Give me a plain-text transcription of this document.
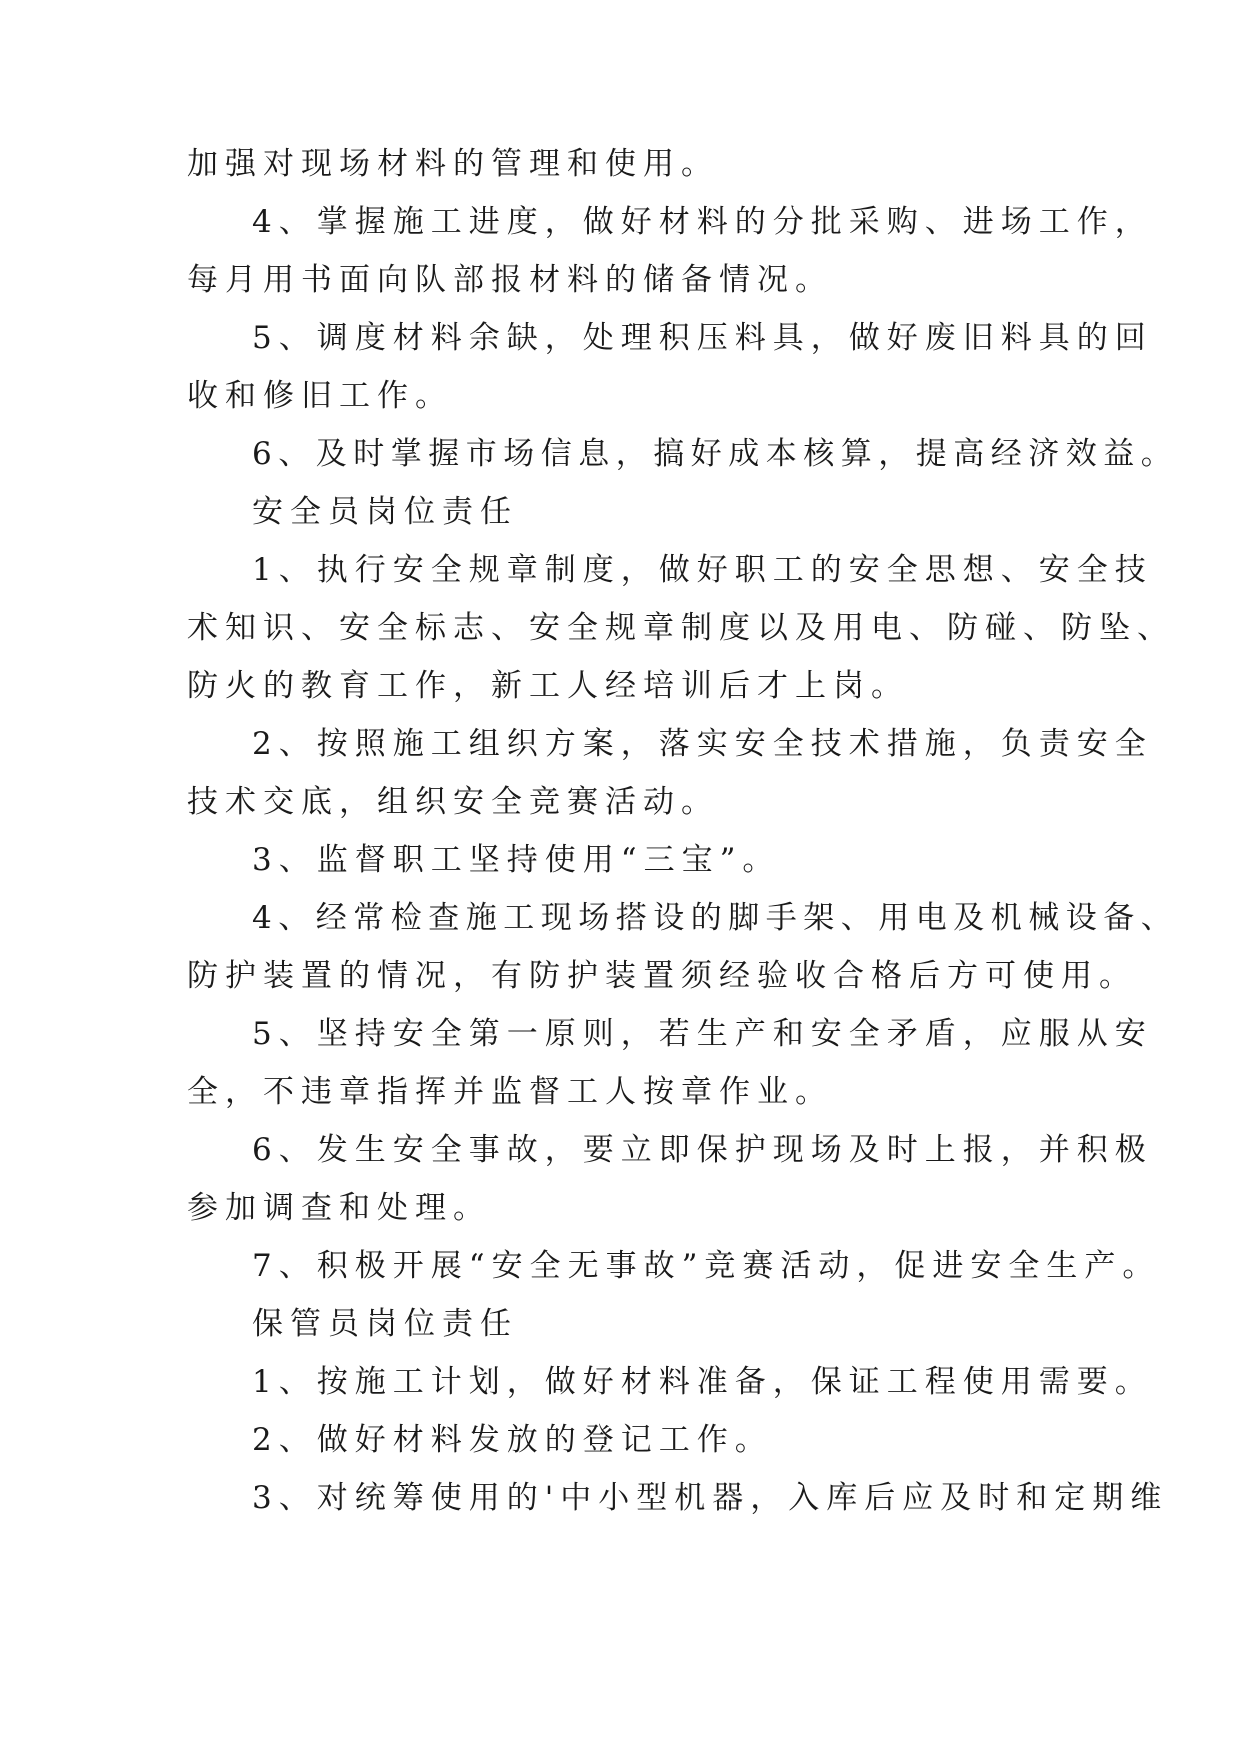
加强对现场材料的管理和使用。
4、掌握施工进度，做好材料的分批采购、进场工作，
每月用书面向队部报材料的储备情况。
5、调度材料余缺，处理积压料具，做好废旧料具的回
收和修旧工作。
6、及时掌握市场信息，搞好成本核算，提高经济效益。
安全员岗位责任
1、执行安全规章制度，做好职工的安全思想、安全技
术知识、安全标志、安全规章制度以及用电、防碰、防坠、
防火的教育工作，新工人经培训后才上岗。
2、按照施工组织方案，落实安全技术措施，负责安全
技术交底，组织安全竞赛活动。
3、监督职工坚持使用“三宝”。
4、经常检查施工现场搭设的脚手架、用电及机械设备、
防护装置的情况，有防护装置须经验收合格后方可使用。
5、坚持安全第一原则，若生产和安全矛盾，应服从安
全，不违章指挥并监督工人按章作业。
6、发生安全事故，要立即保护现场及时上报，并积极
参加调查和处理。
7、积极开展“安全无事故”竞赛活动，促进安全生产。
保管员岗位责任
1、按施工计划，做好材料准备，保证工程使用需要。
2、做好材料发放的登记工作。
3、对统筹使用的'中小型机器，入库后应及时和定期维
